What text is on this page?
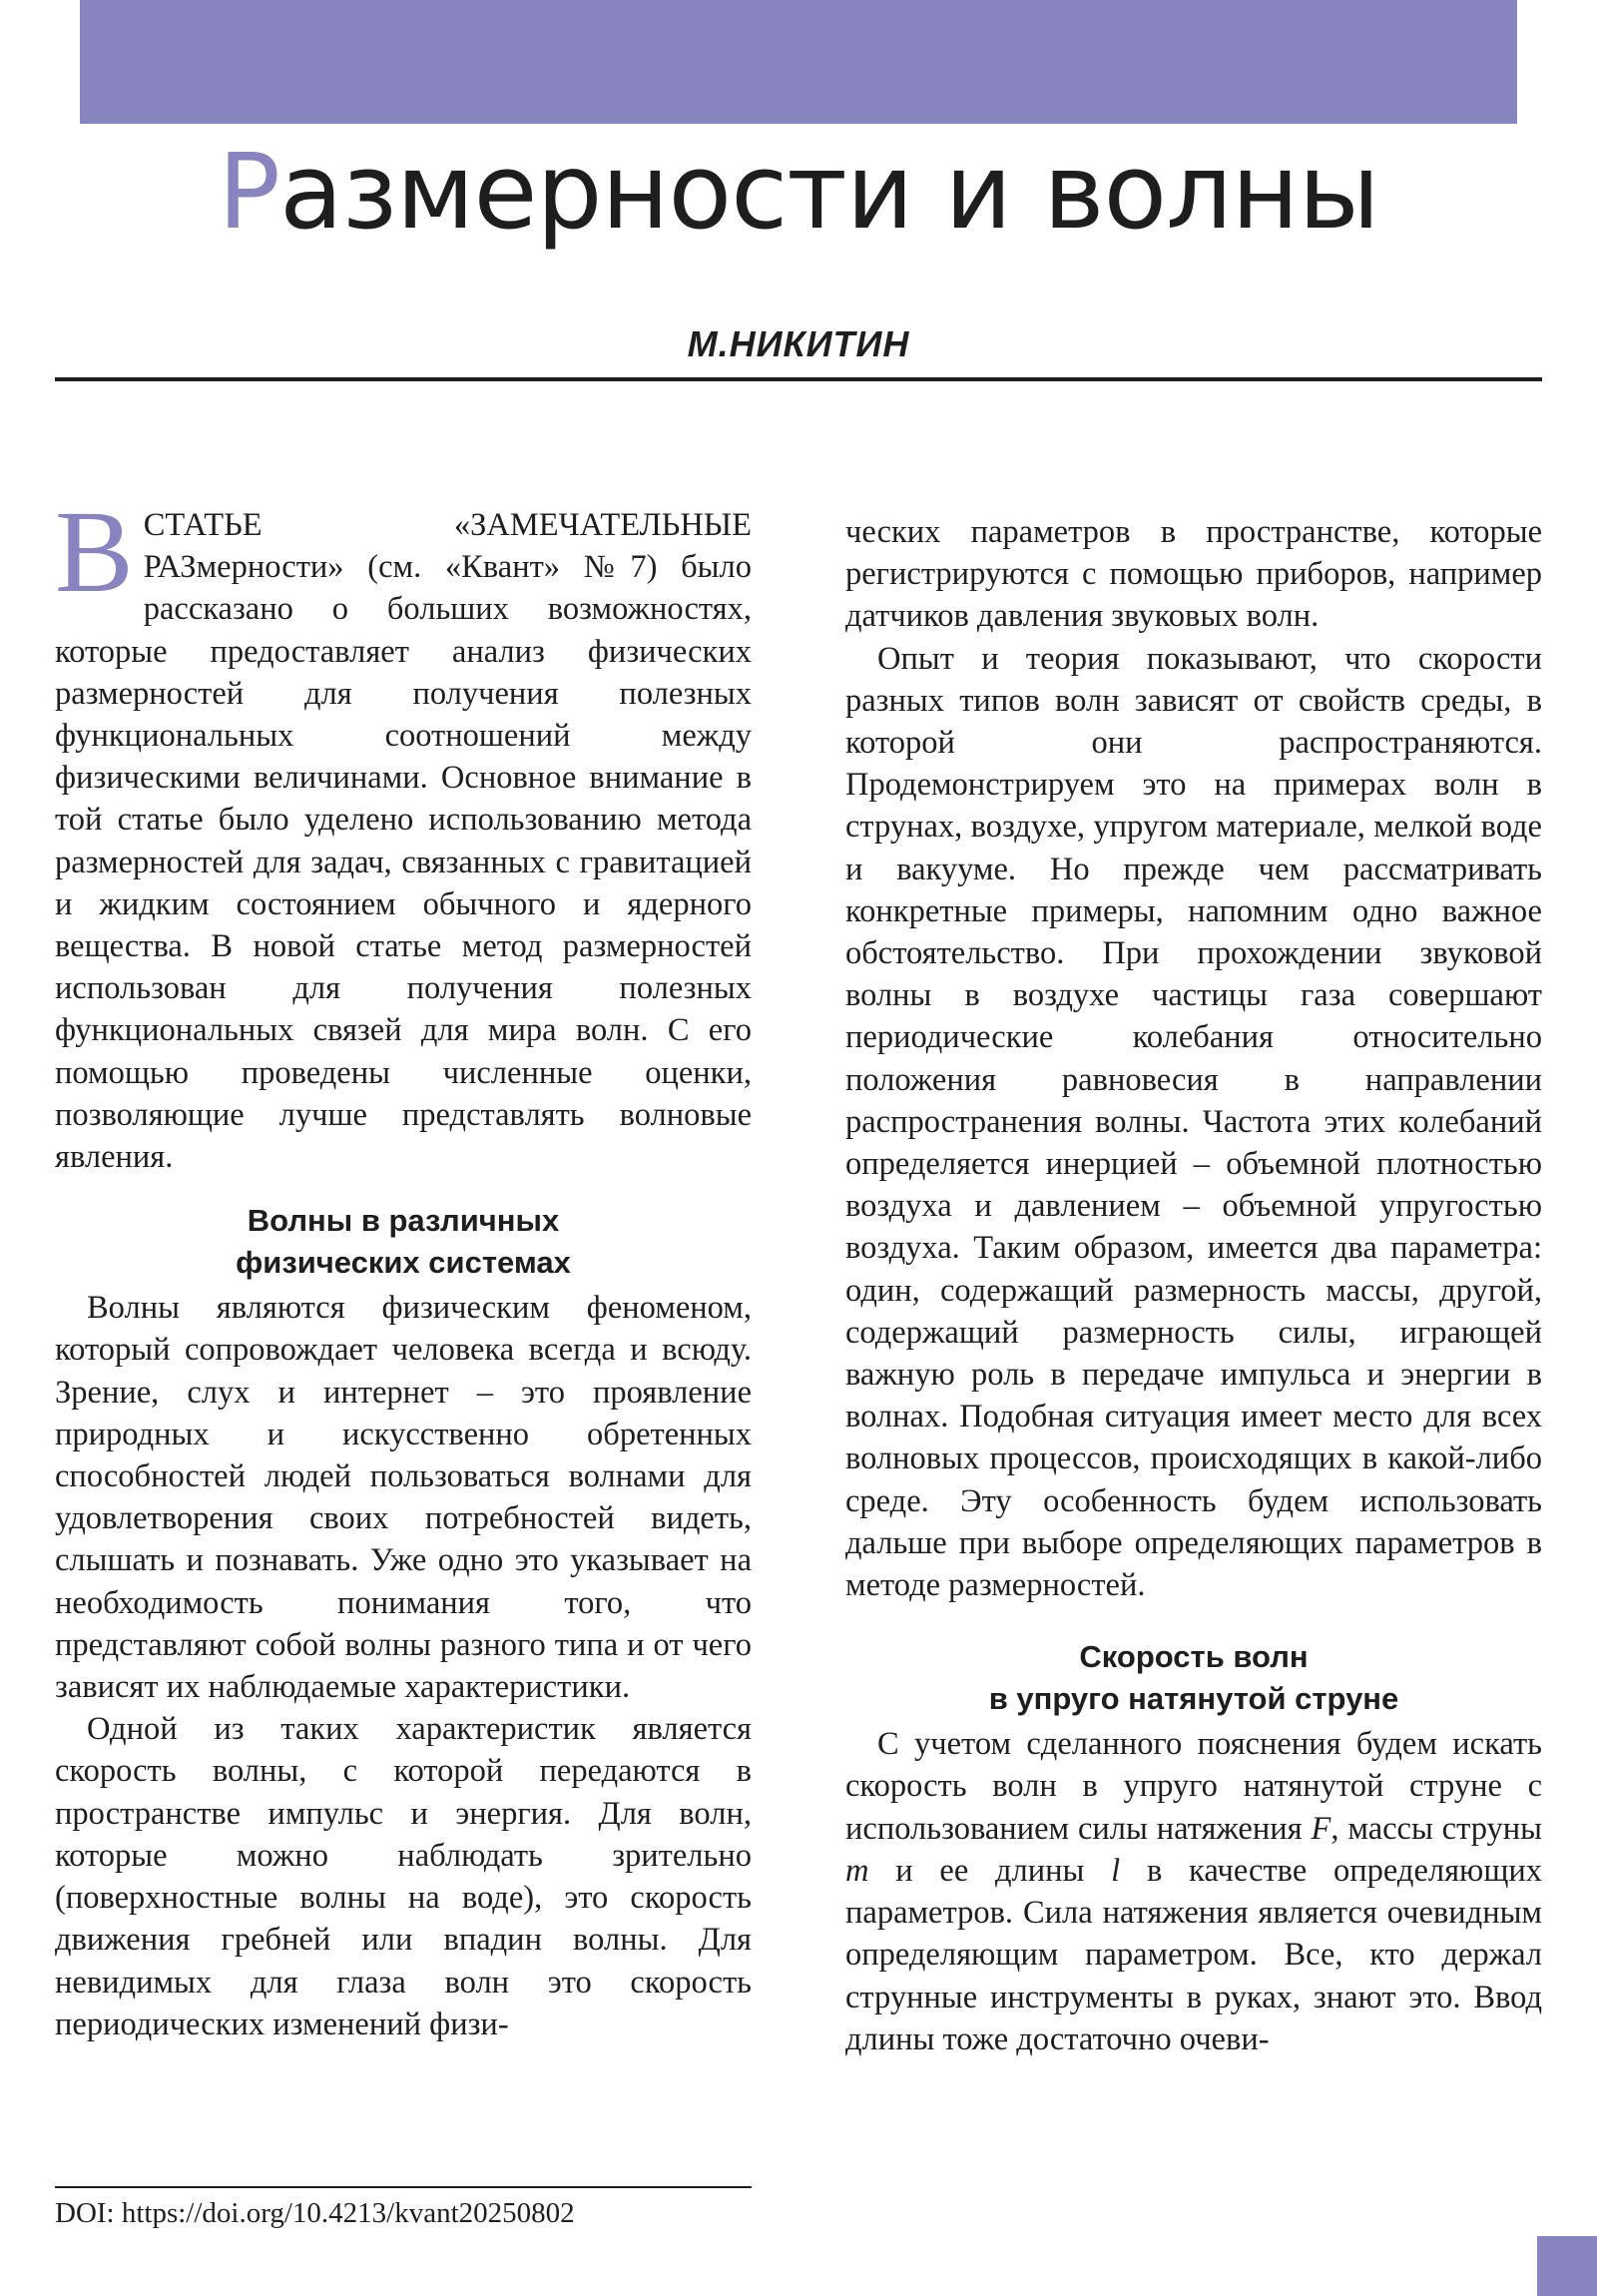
Размерности и волны
М.НИКИТИН

В СТАТЬЕ «ЗАМЕЧАТЕЛЬНЫЕ РАЗмерности» (см. «Квант» №7) было рассказано о больших возможностях, которые предоставляет анализ физических размерностей для получения полезных функциональных соотношений между физическими величинами. Основное внимание в той статье было уделено использованию метода размерностей для задач, связанных с гравитацией и жидким состоянием обычного и ядерного вещества. В новой статье метод размерностей использован для получения полезных функциональных связей для мира волн. С его помощью проведены численные оценки, позволяющие лучше представлять волновые явления.

Волны в различных
физических системах

Волны являются физическим феноменом, который сопровождает человека всегда и всюду. Зрение, слух и интернет – это проявление природных и искусственно обретенных способностей людей пользоваться волнами для удовлетворения своих потребностей видеть, слышать и познавать. Уже одно это указывает на необходимость понимания того, что представляют собой волны разного типа и от чего зависят их наблюдаемые характеристики.

Одной из таких характеристик является скорость волны, с которой передаются в пространстве импульс и энергия. Для волн, которые можно наблюдать зрительно (поверхностные волны на воде), это скорость движения гребней или впадин волны. Для невидимых для глаза волн это скорость периодических изменений физи-

ческих параметров в пространстве, которые регистрируются с помощью приборов, например датчиков давления звуковых волн.

Опыт и теория показывают, что скорости разных типов волн зависят от свойств среды, в которой они распространяются. Продемонстрируем это на примерах волн в струнах, воздухе, упругом материале, мелкой воде и вакууме. Но прежде чем рассматривать конкретные примеры, напомним одно важное обстоятельство. При прохождении звуковой волны в воздухе частицы газа совершают периодические колебания относительно положения равновесия в направлении распространения волны. Частота этих колебаний определяется инерцией – объемной плотностью воздуха и давлением – объемной упругостью воздуха. Таким образом, имеется два параметра: один, содержащий размерность массы, другой, содержащий размерность силы, играющей важную роль в передаче импульса и энергии в волнах. Подобная ситуация имеет место для всех волновых процессов, происходящих в какой-либо среде. Эту особенность будем использовать дальше при выборе определяющих параметров в методе размерностей.

Скорость волн
в упруго натянутой струне

С учетом сделанного пояснения будем искать скорость волн в упруго натянутой струне с использованием силы натяжения F, массы струны m и ее длины l в качестве определяющих параметров. Сила натяжения является очевидным определяющим параметром. Все, кто держал струнные инструменты в руках, знают это. Ввод длины тоже достаточно очеви-

DOI: https://doi.org/10.4213/kvant20250802
